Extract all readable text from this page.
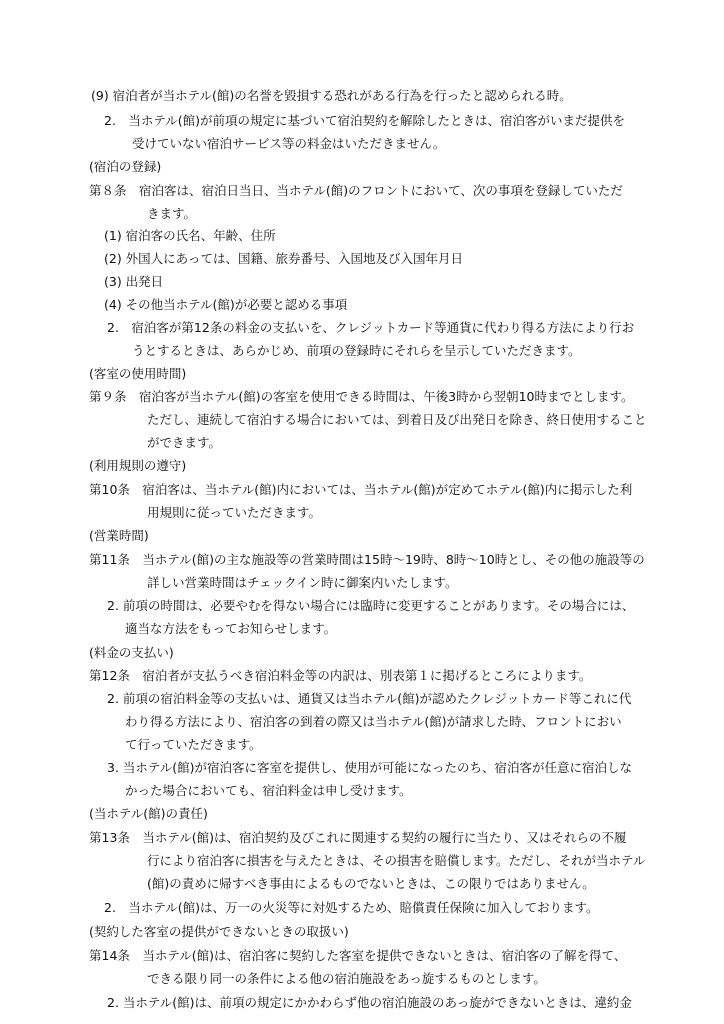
(9) 宿泊者が当ホテル(館)の名誉を毀損する恐れがある行為を行ったと認められる時。
2.　当ホテル(館)が前項の規定に基づいて宿泊契約を解除したときは、宿泊客がいまだ提供を
受けていない宿泊サービス等の料金はいただきません。
(宿泊の登録)
第８条　宿泊客は、宿泊日当日、当ホテル(館)のフロントにおいて、次の事項を登録していただ
きます。
(1) 宿泊客の氏名、年齢、住所
(2) 外国人にあっては、国籍、旅券番号、入国地及び入国年月日
(3) 出発日
(4) その他当ホテル(館)が必要と認める事項
2.　宿泊客が第12条の料金の支払いを、クレジットカード等通貨に代わり得る方法により行お
うとするときは、あらかじめ、前項の登録時にそれらを呈示していただきます。
(客室の使用時間)
第９条　宿泊客が当ホテル(館)の客室を使用できる時間は、午後3時から翌朝10時までとします。
ただし、連続して宿泊する場合においては、到着日及び出発日を除き、終日使用すること
ができます。
(利用規則の遵守)
第10条　宿泊客は、当ホテル(館)内においては、当ホテル(館)が定めてホテル(館)内に掲示した利
用規則に従っていただきます。
(営業時間)
第11条　当ホテル(館)の主な施設等の営業時間は15時～19時、8時～10時とし、その他の施設等の
詳しい営業時間はチェックイン時に御案内いたします。
2. 前項の時間は、必要やむを得ない場合には臨時に変更することがあります。その場合には、
適当な方法をもってお知らせします。
(料金の支払い)
第12条　宿泊者が支払うべき宿泊料金等の内訳は、別表第１に掲げるところによります。
2. 前項の宿泊料金等の支払いは、通貨又は当ホテル(館)が認めたクレジットカード等これに代
わり得る方法により、宿泊客の到着の際又は当ホテル(館)が請求した時、フロントにおい
て行っていただきます。
3. 当ホテル(館)が宿泊客に客室を提供し、使用が可能になったのち、宿泊客が任意に宿泊しな
かった場合においても、宿泊料金は申し受けます。
(当ホテル(館)の責任)
第13条　当ホテル(館)は、宿泊契約及びこれに関連する契約の履行に当たり、又はそれらの不履
行により宿泊客に損害を与えたときは、その損害を賠償します。ただし、それが当ホテル
(館)の責めに帰すべき事由によるものでないときは、この限りではありません。
2.　当ホテル(館)は、万一の火災等に対処するため、賠償責任保険に加入しております。
(契約した客室の提供ができないときの取扱い)
第14条　当ホテル(館)は、宿泊客に契約した客室を提供できないときは、宿泊客の了解を得て、
できる限り同一の条件による他の宿泊施設をあっ旋するものとします。
2. 当ホテル(館)は、前項の規定にかかわらず他の宿泊施設のあっ旋ができないときは、違約金
